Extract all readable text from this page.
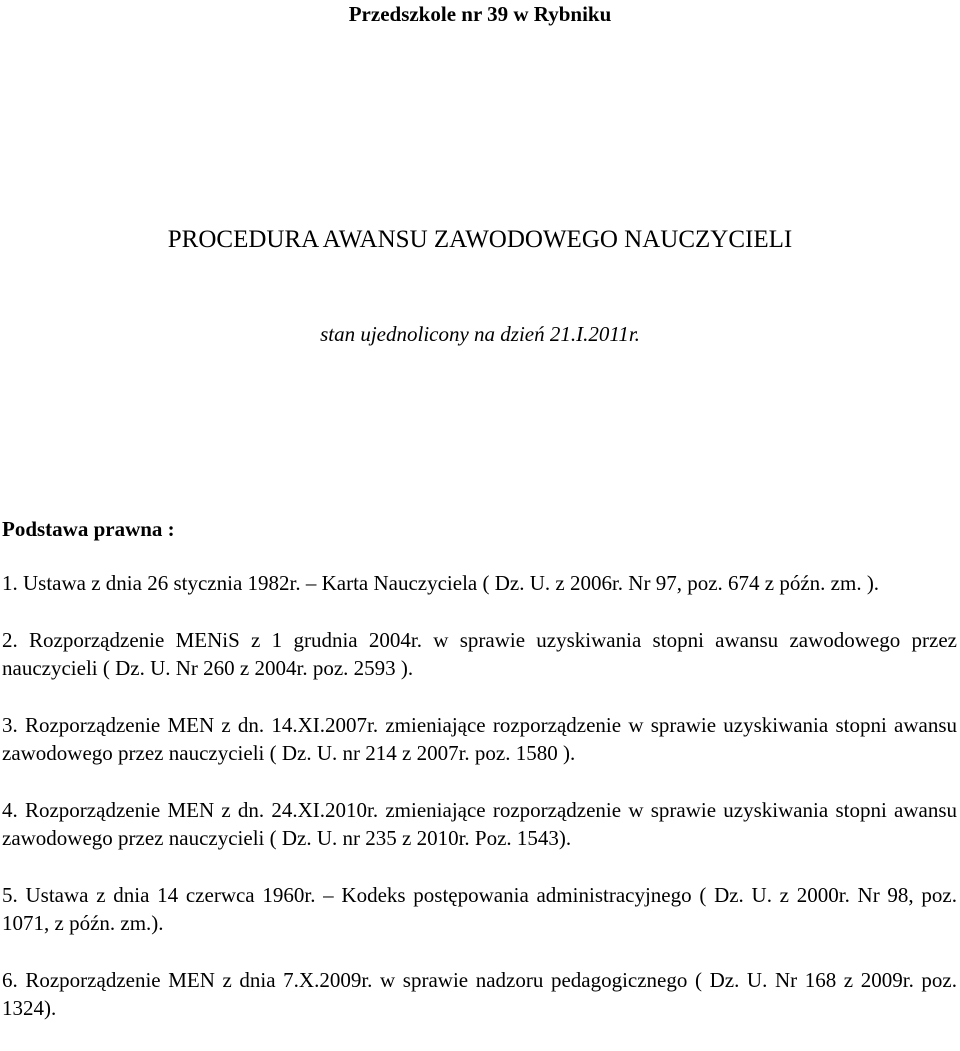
Przedszkole nr 39 w Rybniku
PROCEDURA AWANSU ZAWODOWEGO NAUCZYCIELI
stan ujednolicony na dzień 21.I.2011r.
Podstawa prawna :
1. Ustawa z dnia 26 stycznia 1982r. – Karta Nauczyciela ( Dz. U. z 2006r. Nr 97, poz. 674 z późn. zm. ).
2. Rozporządzenie MENiS z 1 grudnia 2004r. w sprawie uzyskiwania stopni awansu zawodowego przez nauczycieli ( Dz. U. Nr 260 z 2004r. poz. 2593 ).
3. Rozporządzenie MEN z dn. 14.XI.2007r. zmieniające rozporządzenie w sprawie uzyskiwania stopni awansu zawodowego przez nauczycieli ( Dz. U. nr 214 z 2007r. poz. 1580 ).
4. Rozporządzenie MEN z dn. 24.XI.2010r. zmieniające rozporządzenie w sprawie uzyskiwania stopni awansu zawodowego przez nauczycieli ( Dz. U. nr 235 z 2010r. Poz. 1543).
5. Ustawa z dnia 14 czerwca 1960r. – Kodeks postępowania administracyjnego ( Dz. U. z 2000r. Nr 98, poz. 1071, z późn. zm.).
6. Rozporządzenie MEN z dnia 7.X.2009r. w sprawie nadzoru pedagogicznego ( Dz. U. Nr 168 z 2009r. poz. 1324).
